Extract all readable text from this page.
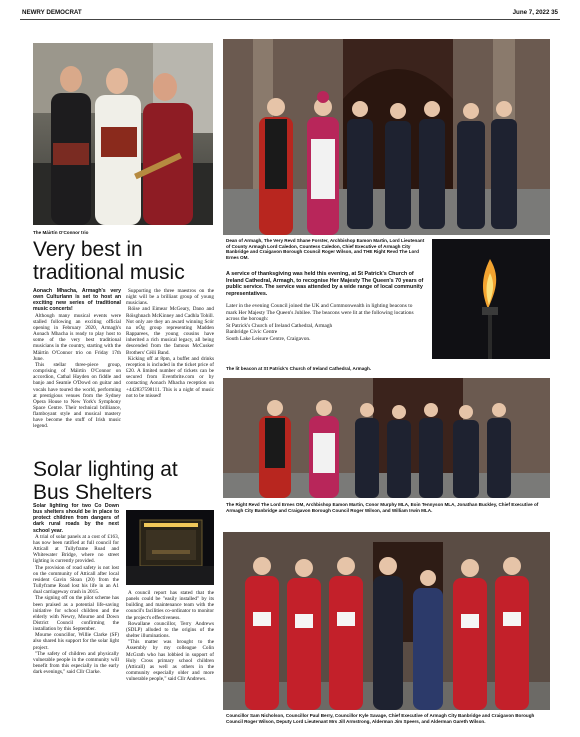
NEWRY DEMOCRAT	June 7, 2022 35
The Máirtín O'Connor trio
Very best in traditional music
Aonach Mhacha, Armagh's very own Culturlann is set to host an exciting new series of traditional music concerts!

Although many musical events were stalled following an exciting official opening in February 2020, Armagh's Aonach Mhacha is ready to play host to some of the very best traditional musicians in the country, starting with the Máirtín O'Connor trio on Friday 17th June.

This stellar three-piece group, comprising of Máirtín O'Connor on accordion, Cathal Hayden on fiddle and banjo and Seamie O'Dowd on guitar and vocals have toured the world, performing at prestigious venues from the Sydney Opera House to New York's Symphony Space Centre. Their technical brilliance, flamboyant style and musical mastery have become the stuff of Irish music legend.

Supporting the three maestros on the night will be a brilliant group of young musicians.

Róise and Eimear McGeary, Dano and Róisghnach McKinney and Cadhla Tohill. Not only are they an award winning Scór na nÓg group representing Madden Rapparees, the young cousins have inherited a rich musical legacy, all being descended from the famous McCusker Brothers' Céili Band.

Kicking off at 8pm, a buffet and drinks reception is included in the ticket price of £20. A limited number of tickets can be secured from Eventbrite.com or by contacting Aonach Mhacha reception on +442837598111. This is a night of music not to be missed!

Solar lighting at Bus Shelters
Solar lighting for two Co Down bus shelters should be in place to protect children from dangers of dark rural roads by the next school year.

A trial of solar panels at a cost of £163, has now been ratified at full council for Atticall at Tullyframe Road and Whitewater Bridge, where no street lighting is currently provided.

The provision of road safety is not lost on the community of Atticall after local resident Gavin Sloan (20) from the Tullyframe Road lost his life in an A1 dual carriageway crash in 2015.

The signing off on the pilot scheme has been praised as a potential life-saving initiative for school children and the elderly with Newry, Mourne and Down District Council confirming the installation by this September.

Mourne councillor, Willie Clarke (SF) also shared his support for the solar light project.

"The safety of children and physically vulnerable people in the community will benefit from this especially in the early dark evenings," said Cllr Clarke.

A council report has stated that the panels could be "easily installed" by its building and maintenance team with the council's facilities co-ordinator to monitor the project's effectiveness.

Rowallane councillor, Terry Andrews (SDLP) alluded to the origins of the shelter illuminations.

"This matter was brought to the Assembly by my colleague Colin McGrath who has lobbied in support of Holy Cross primary school children (Atticall) as well as others in the community especially older and more vulnerable people," said Cllr Andrews.

Dean of Armagh, The Very Revd Shane Forster, Archbishop Eamon Martin, Lord Lieutenant of County Armagh Lord Caledon, Countess Caledon, Chief Executive of Armagh City Banbridge and Craigavon Borough Council Roger Wilson, and THE Right Revd The Lord Ernes OM.
A service of thanksgiving was held this evening, at St Patrick's Church of Ireland Cathedral, Armagh, to recognise Her Majesty The Queen's 70 years of public service. The service was attended by a wide range of local community representatives.
Later in the evening Council joined the UK and Commonwealth in lighting beacons to mark Her Majesty The Queen's Jubilee. The beacons were lit at the following locations across the borough:
St Patrick's Church of Ireland Cathedral, Armagh
Banbridge Civic Centre
South Lake Leisure Centre, Craigavon.
The lit beacon at St Patrick's Church of Ireland Cathedral, Armagh.
The Right Revd The Lord Ernes OM, Archbishop Eamon Martin, Conor Murphy MLA, Eoin Tennyson MLA, Jonathan Buckley, Chief Executive of Armagh City Banbridge and Craigavon Borough Council Roger Wilson, and William Irwin MLA.
Councillor Sam Nicholson, Councillor Paul Berry, Councillor Kyle Savage, Chief Executive of Armagh City Banbridge and Craigavon Borough Council Roger Wilson, Deputy Lord Lieutenant Mrs Jill Armstrong, Alderman Jim Speers, and Alderman Gareth Wilson.
